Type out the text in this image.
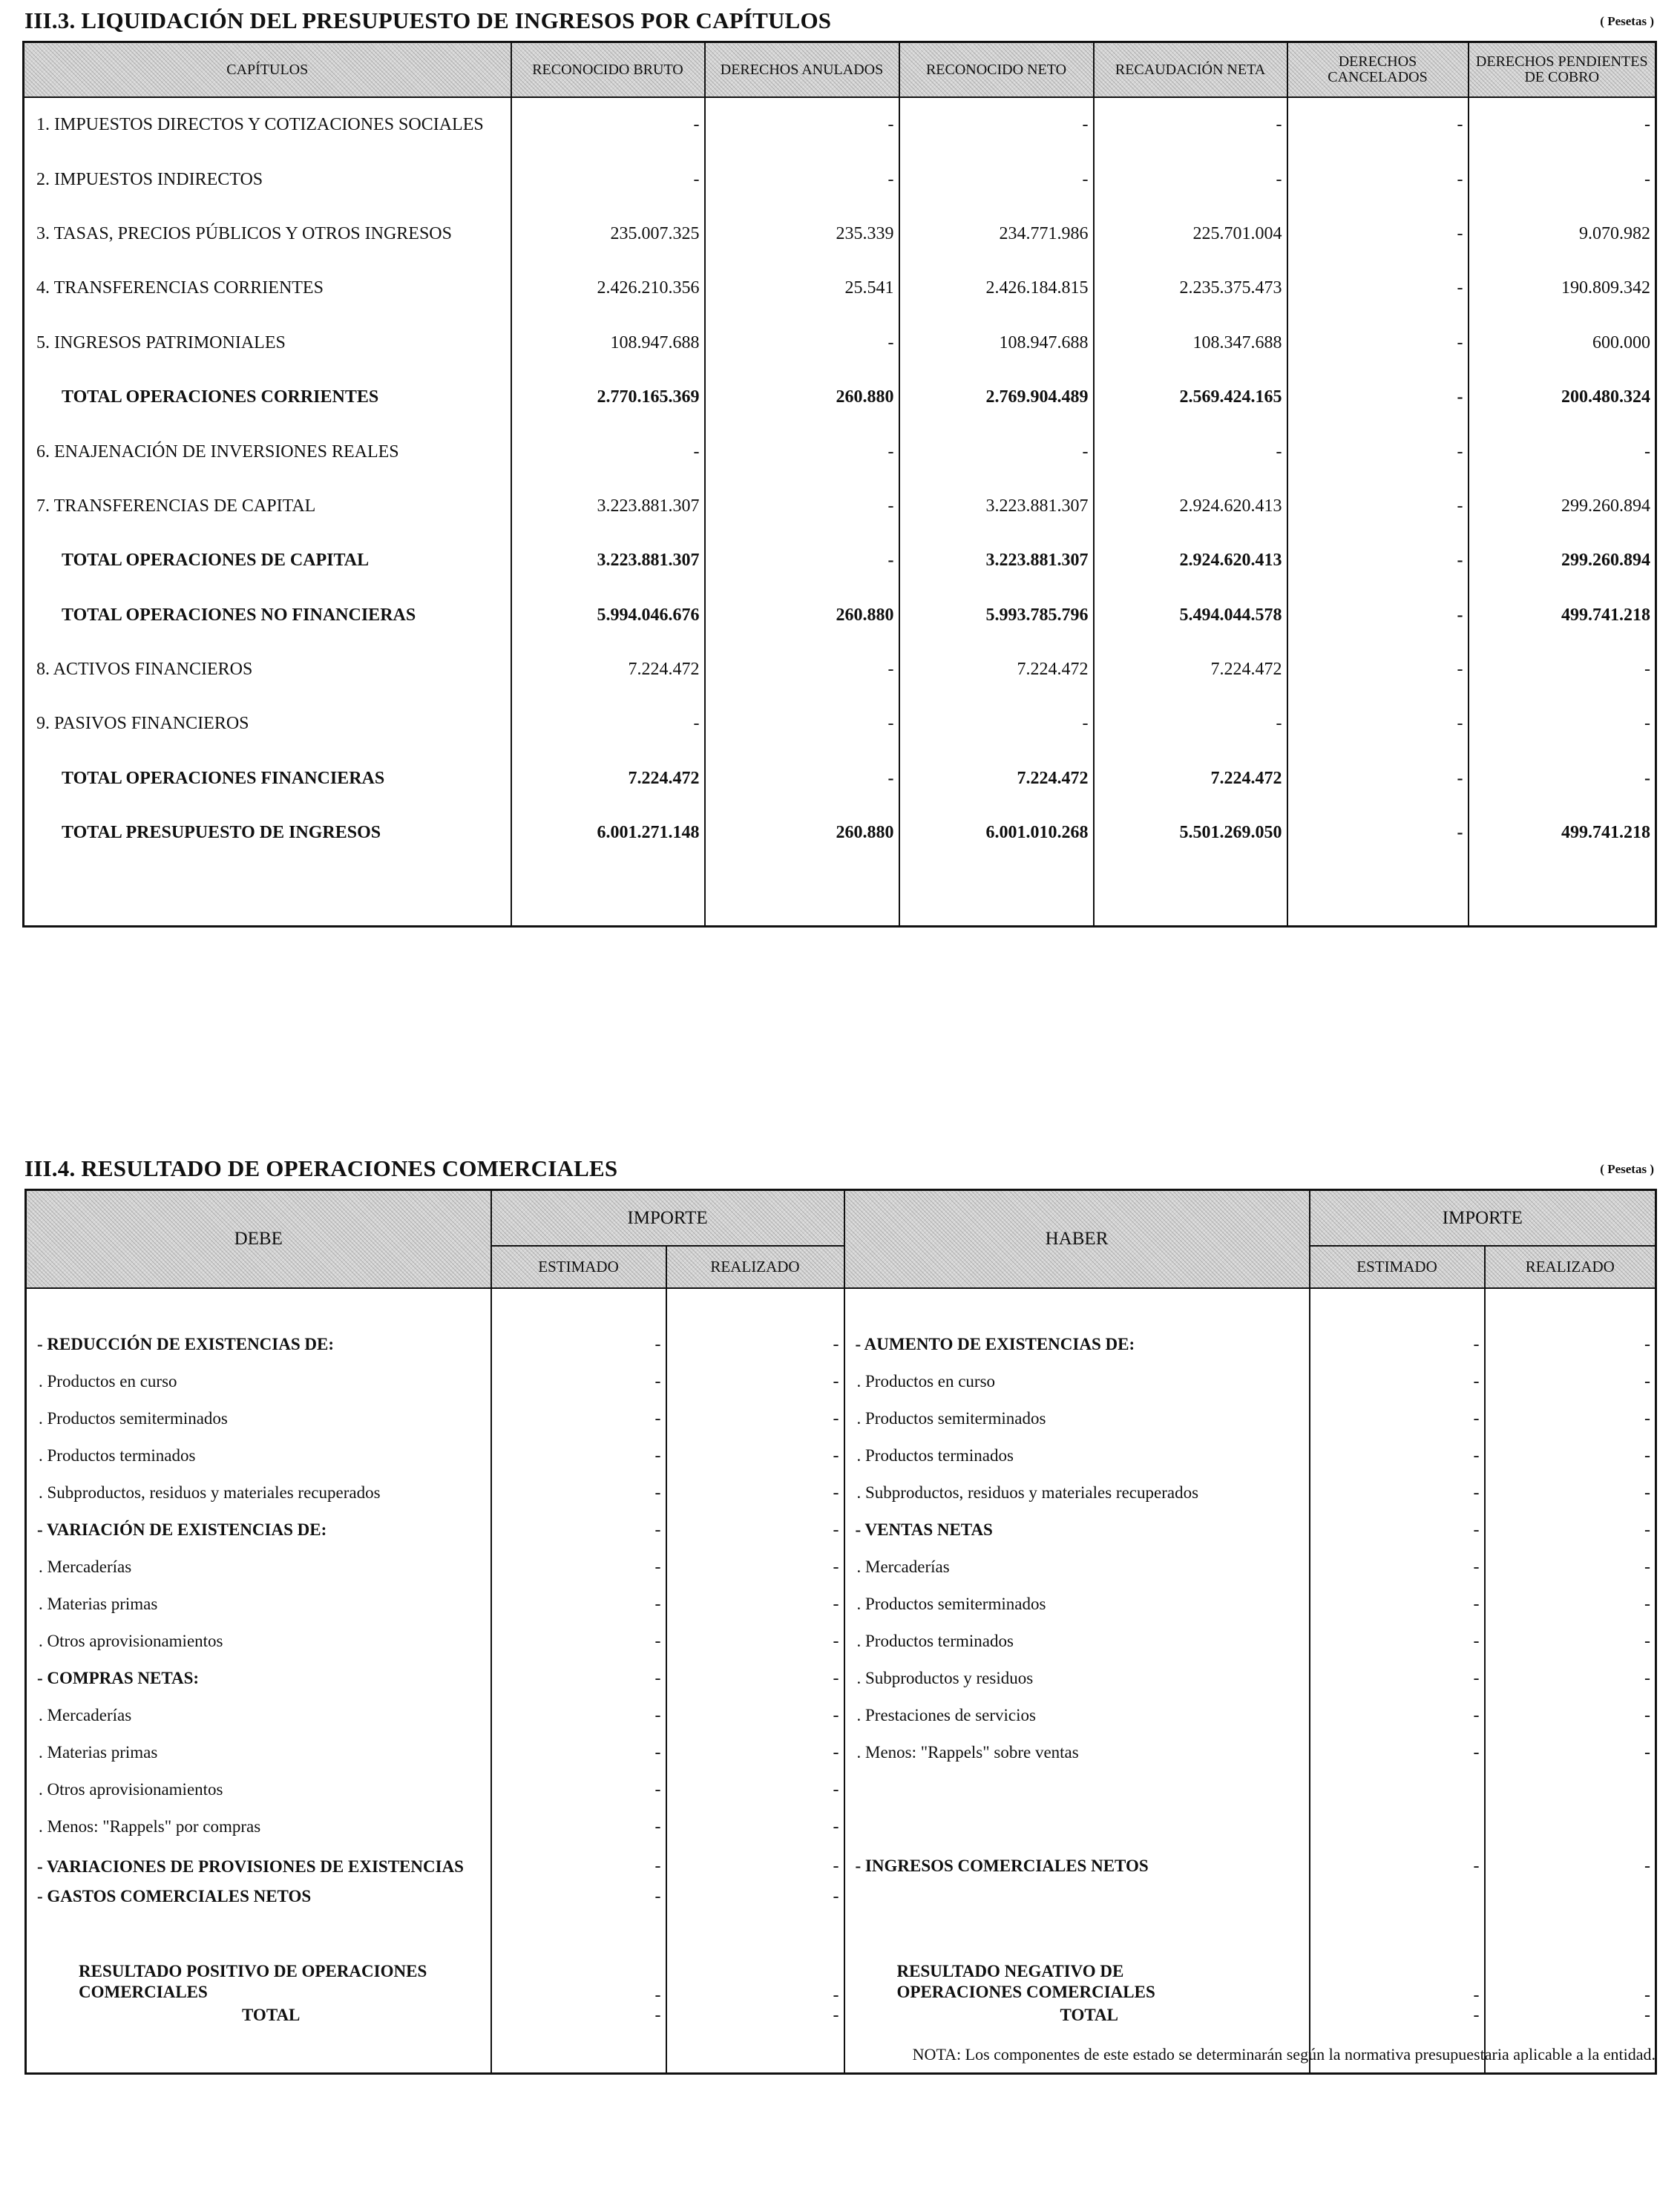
III.3. LIQUIDACIÓN DEL PRESUPUESTO DE INGRESOS POR CAPÍTULOS	( Pesetas )
CAPÍTULOS	RECONOCIDO BRUTO	DERECHOS ANULADOS	RECONOCIDO NETO	RECAUDACIÓN NETA	DERECHOS CANCELADOS	DERECHOS PENDIENTES DE COBRO
1. IMPUESTOS DIRECTOS Y COTIZACIONES SOCIALES	-	-	-	-	-	-
2. IMPUESTOS INDIRECTOS	-	-	-	-	-	-
3. TASAS, PRECIOS PÚBLICOS Y OTROS INGRESOS	235.007.325	235.339	234.771.986	225.701.004	-	9.070.982
4. TRANSFERENCIAS CORRIENTES	2.426.210.356	25.541	2.426.184.815	2.235.375.473	-	190.809.342
5. INGRESOS PATRIMONIALES	108.947.688	-	108.947.688	108.347.688	-	600.000
TOTAL OPERACIONES CORRIENTES	2.770.165.369	260.880	2.769.904.489	2.569.424.165	-	200.480.324
6. ENAJENACIÓN DE INVERSIONES REALES	-	-	-	-	-	-
7. TRANSFERENCIAS DE CAPITAL	3.223.881.307	-	3.223.881.307	2.924.620.413	-	299.260.894
TOTAL OPERACIONES DE CAPITAL	3.223.881.307	-	3.223.881.307	2.924.620.413	-	299.260.894
TOTAL OPERACIONES NO FINANCIERAS	5.994.046.676	260.880	5.993.785.796	5.494.044.578	-	499.741.218
8. ACTIVOS FINANCIEROS	7.224.472	-	7.224.472	7.224.472	-	-
9. PASIVOS FINANCIEROS	-	-	-	-	-	-
TOTAL OPERACIONES FINANCIERAS	7.224.472	-	7.224.472	7.224.472	-	-
TOTAL PRESUPUESTO DE INGRESOS	6.001.271.148	260.880	6.001.010.268	5.501.269.050	-	499.741.218

III.4. RESULTADO DE OPERACIONES COMERCIALES	( Pesetas )
DEBE	IMPORTE		HABER	IMPORTE	
	ESTIMADO	REALIZADO		ESTIMADO	REALIZADO

- REDUCCIÓN DE EXISTENCIAS DE:	-	-	- AUMENTO DE EXISTENCIAS DE:	-	-
. Productos en curso	-	-	. Productos en curso	-	-
. Productos semiterminados	-	-	. Productos semiterminados	-	-
. Productos terminados	-	-	. Productos terminados	-	-
. Subproductos, residuos y materiales recuperados	-	-	. Subproductos, residuos y materiales recuperados	-	-
- VARIACIÓN DE EXISTENCIAS DE:	-	-	- VENTAS NETAS	-	-
. Mercaderías	-	-	. Mercaderías	-	-
. Materias primas	-	-	. Productos semiterminados	-	-
. Otros aprovisionamientos	-	-	. Productos terminados	-	-
- COMPRAS NETAS:	-	-	. Subproductos y residuos	-	-
. Mercaderías	-	-	. Prestaciones de servicios	-	-
. Materias primas	-	-	. Menos: "Rappels" sobre ventas	-	-
. Otros aprovisionamientos	-	-			
. Menos: "Rappels" por compras	-	-			
- VARIACIONES DE PROVISIONES DE EXISTENCIAS	-	-	- INGRESOS COMERCIALES NETOS	-	-
- GASTOS COMERCIALES NETOS	-	-			

RESULTADO POSITIVO DE OPERACIONES COMERCIALES	-	-	RESULTADO NEGATIVO DE OPERACIONES COMERCIALES	-	-
TOTAL	-	-	TOTAL	-	-

NOTA: Los componentes de este estado se determinarán según la normativa presupuestaria aplicable a la entidad.
